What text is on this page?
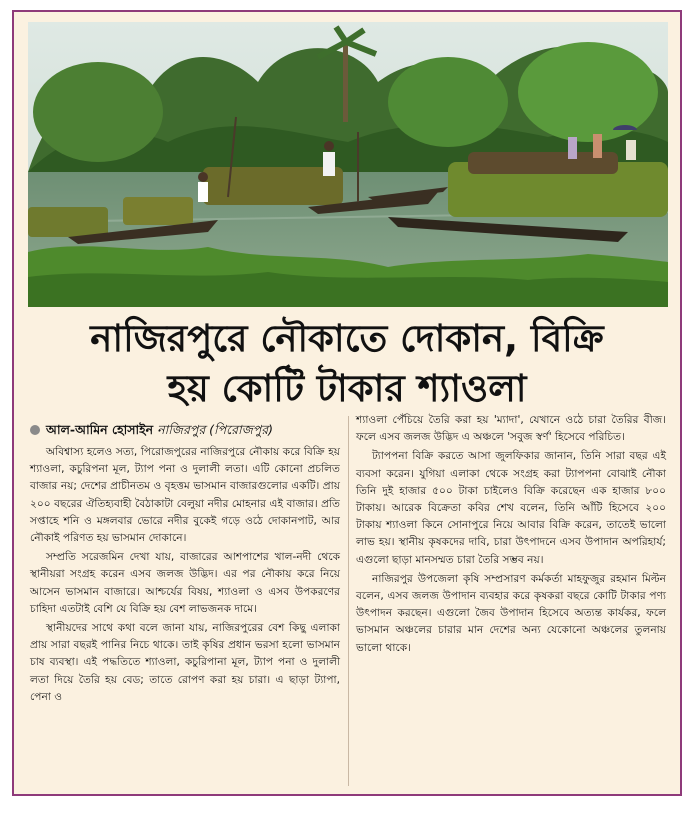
নাজিরপুরে নৌকাতে দোকান, বিক্রি
হয় কোটি টাকার শ্যাওলা
আল-আমিন হোসাইন নাজিরপুর (পিরোজপুর)

অবিশ্বাস্য হলেও সত্য, পিরোজপুরের নাজিরপুরে নৌকায় করে বিক্রি হয় শ্যাওলা, কচুরিপনা মূল, ট্যাপ পনা ও দুলালী লতা। এটি কোনো প্রচলিত বাজার নয়; দেশের প্রাচীনতম ও বৃহত্তম ভাসমান বাজারগুলোর একটি। প্রায় ২০০ বছরের ঐতিহ্যবাহী বৈঠাকাটা বেলুয়া নদীর মোহনার এই বাজার। প্রতি সপ্তাহে শনি ও মঙ্গলবার ভোরে নদীর বুকেই গড়ে ওঠে দোকানপাট, আর নৌকাই পরিণত হয় ভাসমান দোকানে।

সম্প্রতি সরেজমিন দেখা যায়, বাজারের আশপাশের খাল-নদী থেকে স্থানীয়রা সংগ্রহ করেন এসব জলজ উদ্ভিদ। এর পর নৌকায় করে নিয়ে আসেন ভাসমান বাজারে। আশ্চর্যের বিষয়, শ্যাওলা ও এসব উপকরণের চাহিদা এতটাই বেশি যে বিক্রি হয় বেশ লাভজনক দামে।

স্থানীয়দের সাথে কথা বলে জানা যায়, নাজিরপুরের বেশ কিছু এলাকা প্রায় সারা বছরই পানির নিচে থাকে। তাই কৃষির প্রধান ভরসা হলো ভাসমান চাষ ব্যবস্থা। এই পদ্ধতিতে শ্যাওলা, কচুরিপানা মূল, ট্যাপ পনা ও দুলালী লতা দিয়ে তৈরি হয় বেড; তাতে রোপণ করা হয় চারা। এ ছাড়া ট্যাপা, পেনা ও

শ্যাওলা পেঁচিয়ে তৈরি করা হয় 'ম্যাদা', যেখানে ওঠে চারা তৈরির বীজ। ফলে এসব জলজ উদ্ভিদ এ অঞ্চলে 'সবুজ স্বর্ণ' হিসেবে পরিচিত।

ট্যাপপনা বিক্রি করতে আসা জুলফিকার জানান, তিনি সারা বছর এই ব্যবসা করেন। যুগিয়া এলাকা থেকে সংগ্রহ করা ট্যাপপনা বোঝাই নৌকা তিনি দুই হাজার ৫০০ টাকা চাইলেও বিক্রি করেছেন এক হাজার ৮০০ টাকায়। আরেক বিক্রেতা কবির শেখ বলেন, তিনি আঁটি হিসেবে ২০০ টাকায় শ্যাওলা কিনে সোনাপুরে নিয়ে আবার বিক্রি করেন, তাতেই ভালো লাভ হয়। স্থানীয় কৃষকদের দাবি, চারা উৎপাদনে এসব উপাদান অপরিহার্য; এগুলো ছাড়া মানসম্মত চারা তৈরি সম্ভব নয়।

নাজিরপুর উপজেলা কৃষি সম্প্রসারণ কর্মকর্তা মাহফুজুর রহমান মিল্টন বলেন, এসব জলজ উপাদান ব্যবহার করে কৃষকরা বছরে কোটি টাকার পণ্য উৎপাদন করছেন। এগুলো জৈব উপাদান হিসেবে অত্যন্ত কার্যকর, ফলে ভাসমান অঞ্চলের চারার মান দেশের অন্য যেকোনো অঞ্চলের তুলনায় ভালো থাকে।
